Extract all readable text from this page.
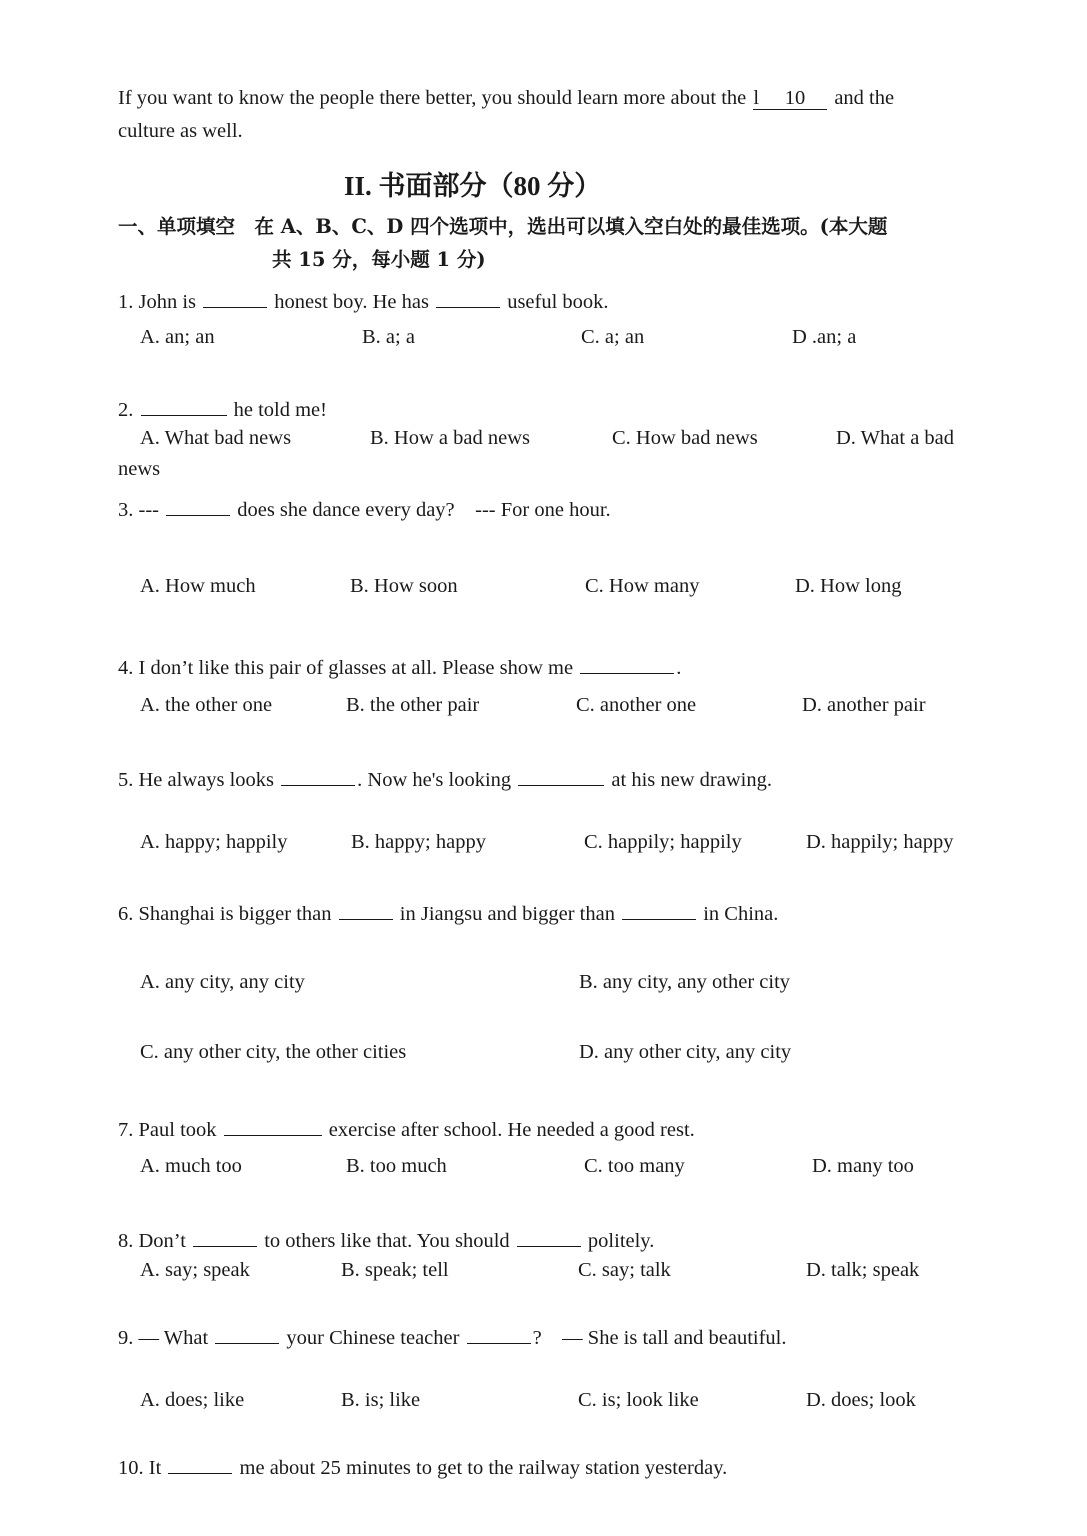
If you want to know the people there better, you should learn more about the l 10 and the
culture as well.
II. 书面部分（80 分）
一、单项填空　在 A、B、C、D 四个选项中，选出可以填入空白处的最佳选项。(本大题
共 15 分，每小题 1 分)
1. John is	honest boy. He has	useful book.
A. an; an	B. a; a	C. a; an	D .an; a
2.	he told me!
A. What bad news	B. How a bad news	C. How bad news	D. What a bad
news
3. ---	does she dance every day?    --- For one hour.
A. How much	B. How soon	C. How many	D. How long
4. I don’t like this pair of glasses at all. Please show me	.
A. the other one	B. the other pair	C. another one	D. another pair
5. He always looks	. Now he's looking	at his new drawing.
A. happy; happily	B. happy; happy	C. happily; happily	D. happily; happy
6. Shanghai is bigger than	in Jiangsu and bigger than	in China.
A. any city, any city	B. any city, any other city
C. any other city, the other cities	D. any other city, any city
7. Paul took	exercise after school. He needed a good rest.
A. much too	B. too much	C. too many	D. many too
8. Don’t	to others like that. You should	politely.
A. say; speak	B. speak; tell	C. say; talk	D. talk; speak
9. — What	your Chinese teacher	?    — She is tall and beautiful.
A. does; like	B. is; like	C. is; look like	D. does; look
10. It	me about 25 minutes to get to the railway station yesterday.
